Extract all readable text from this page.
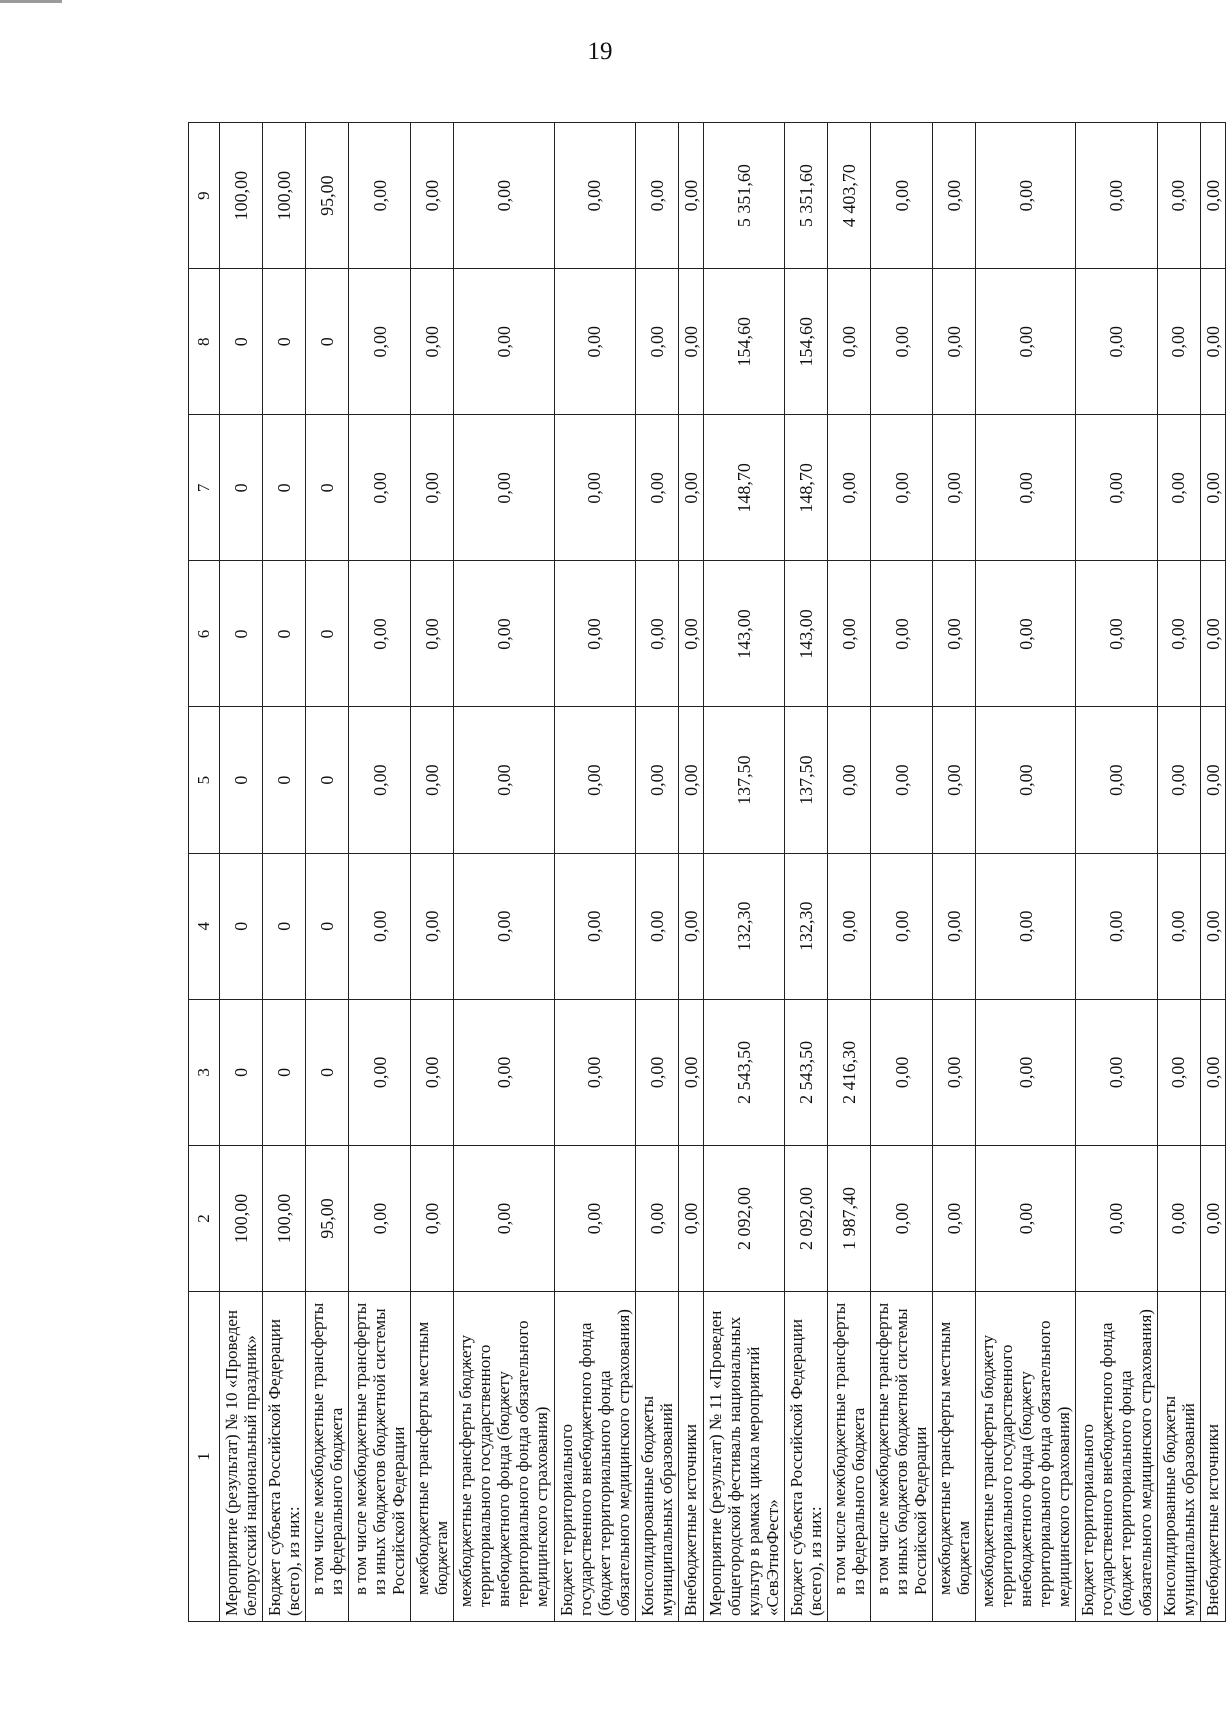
19
1	2	3	4	5	6	7	8	9
Мероприятие (результат) № 10 «Проведен белорусский национальный праздник»	100,00	0	0	0	0	0	0	100,00
Бюджет субъекта Российской Федерации (всего), из них:	100,00	0	0	0	0	0	0	100,00
в том числе межбюджетные трансферты из федерального бюджета	95,00	0	0	0	0	0	0	95,00
в том числе межбюджетные трансферты из иных бюджетов бюджетной системы Российской Федерации	0,00	0,00	0,00	0,00	0,00	0,00	0,00	0,00
межбюджетные трансферты местным бюджетам	0,00	0,00	0,00	0,00	0,00	0,00	0,00	0,00
межбюджетные трансферты бюджету территориального государственного внебюджетного фонда (бюджету территориального фонда обязательного медицинского страхования)	0,00	0,00	0,00	0,00	0,00	0,00	0,00	0,00
Бюджет территориального государственного внебюджетного фонда (бюджет территориального фонда обязательного медицинского страхования)	0,00	0,00	0,00	0,00	0,00	0,00	0,00	0,00
Консолидированные бюджеты муниципальных образований	0,00	0,00	0,00	0,00	0,00	0,00	0,00	0,00
Внебюджетные источники	0,00	0,00	0,00	0,00	0,00	0,00	0,00	0,00
Мероприятие (результат) № 11 «Проведен общегородской фестиваль национальных культур в рамках цикла мероприятий «СевЭтноФест»	2 092,00	2 543,50	132,30	137,50	143,00	148,70	154,60	5 351,60
Бюджет субъекта Российской Федерации (всего), из них:	2 092,00	2 543,50	132,30	137,50	143,00	148,70	154,60	5 351,60
в том числе межбюджетные трансферты из федерального бюджета	1 987,40	2 416,30	0,00	0,00	0,00	0,00	0,00	4 403,70
в том числе межбюджетные трансферты из иных бюджетов бюджетной системы Российской Федерации	0,00	0,00	0,00	0,00	0,00	0,00	0,00	0,00
межбюджетные трансферты местным бюджетам	0,00	0,00	0,00	0,00	0,00	0,00	0,00	0,00
межбюджетные трансферты бюджету территориального государственного внебюджетного фонда (бюджету территориального фонда обязательного медицинского страхования)	0,00	0,00	0,00	0,00	0,00	0,00	0,00	0,00
Бюджет территориального государственного внебюджетного фонда (бюджет территориального фонда обязательного медицинского страхования)	0,00	0,00	0,00	0,00	0,00	0,00	0,00	0,00
Консолидированные бюджеты муниципальных образований	0,00	0,00	0,00	0,00	0,00	0,00	0,00	0,00
Внебюджетные источники	0,00	0,00	0,00	0,00	0,00	0,00	0,00	0,00
